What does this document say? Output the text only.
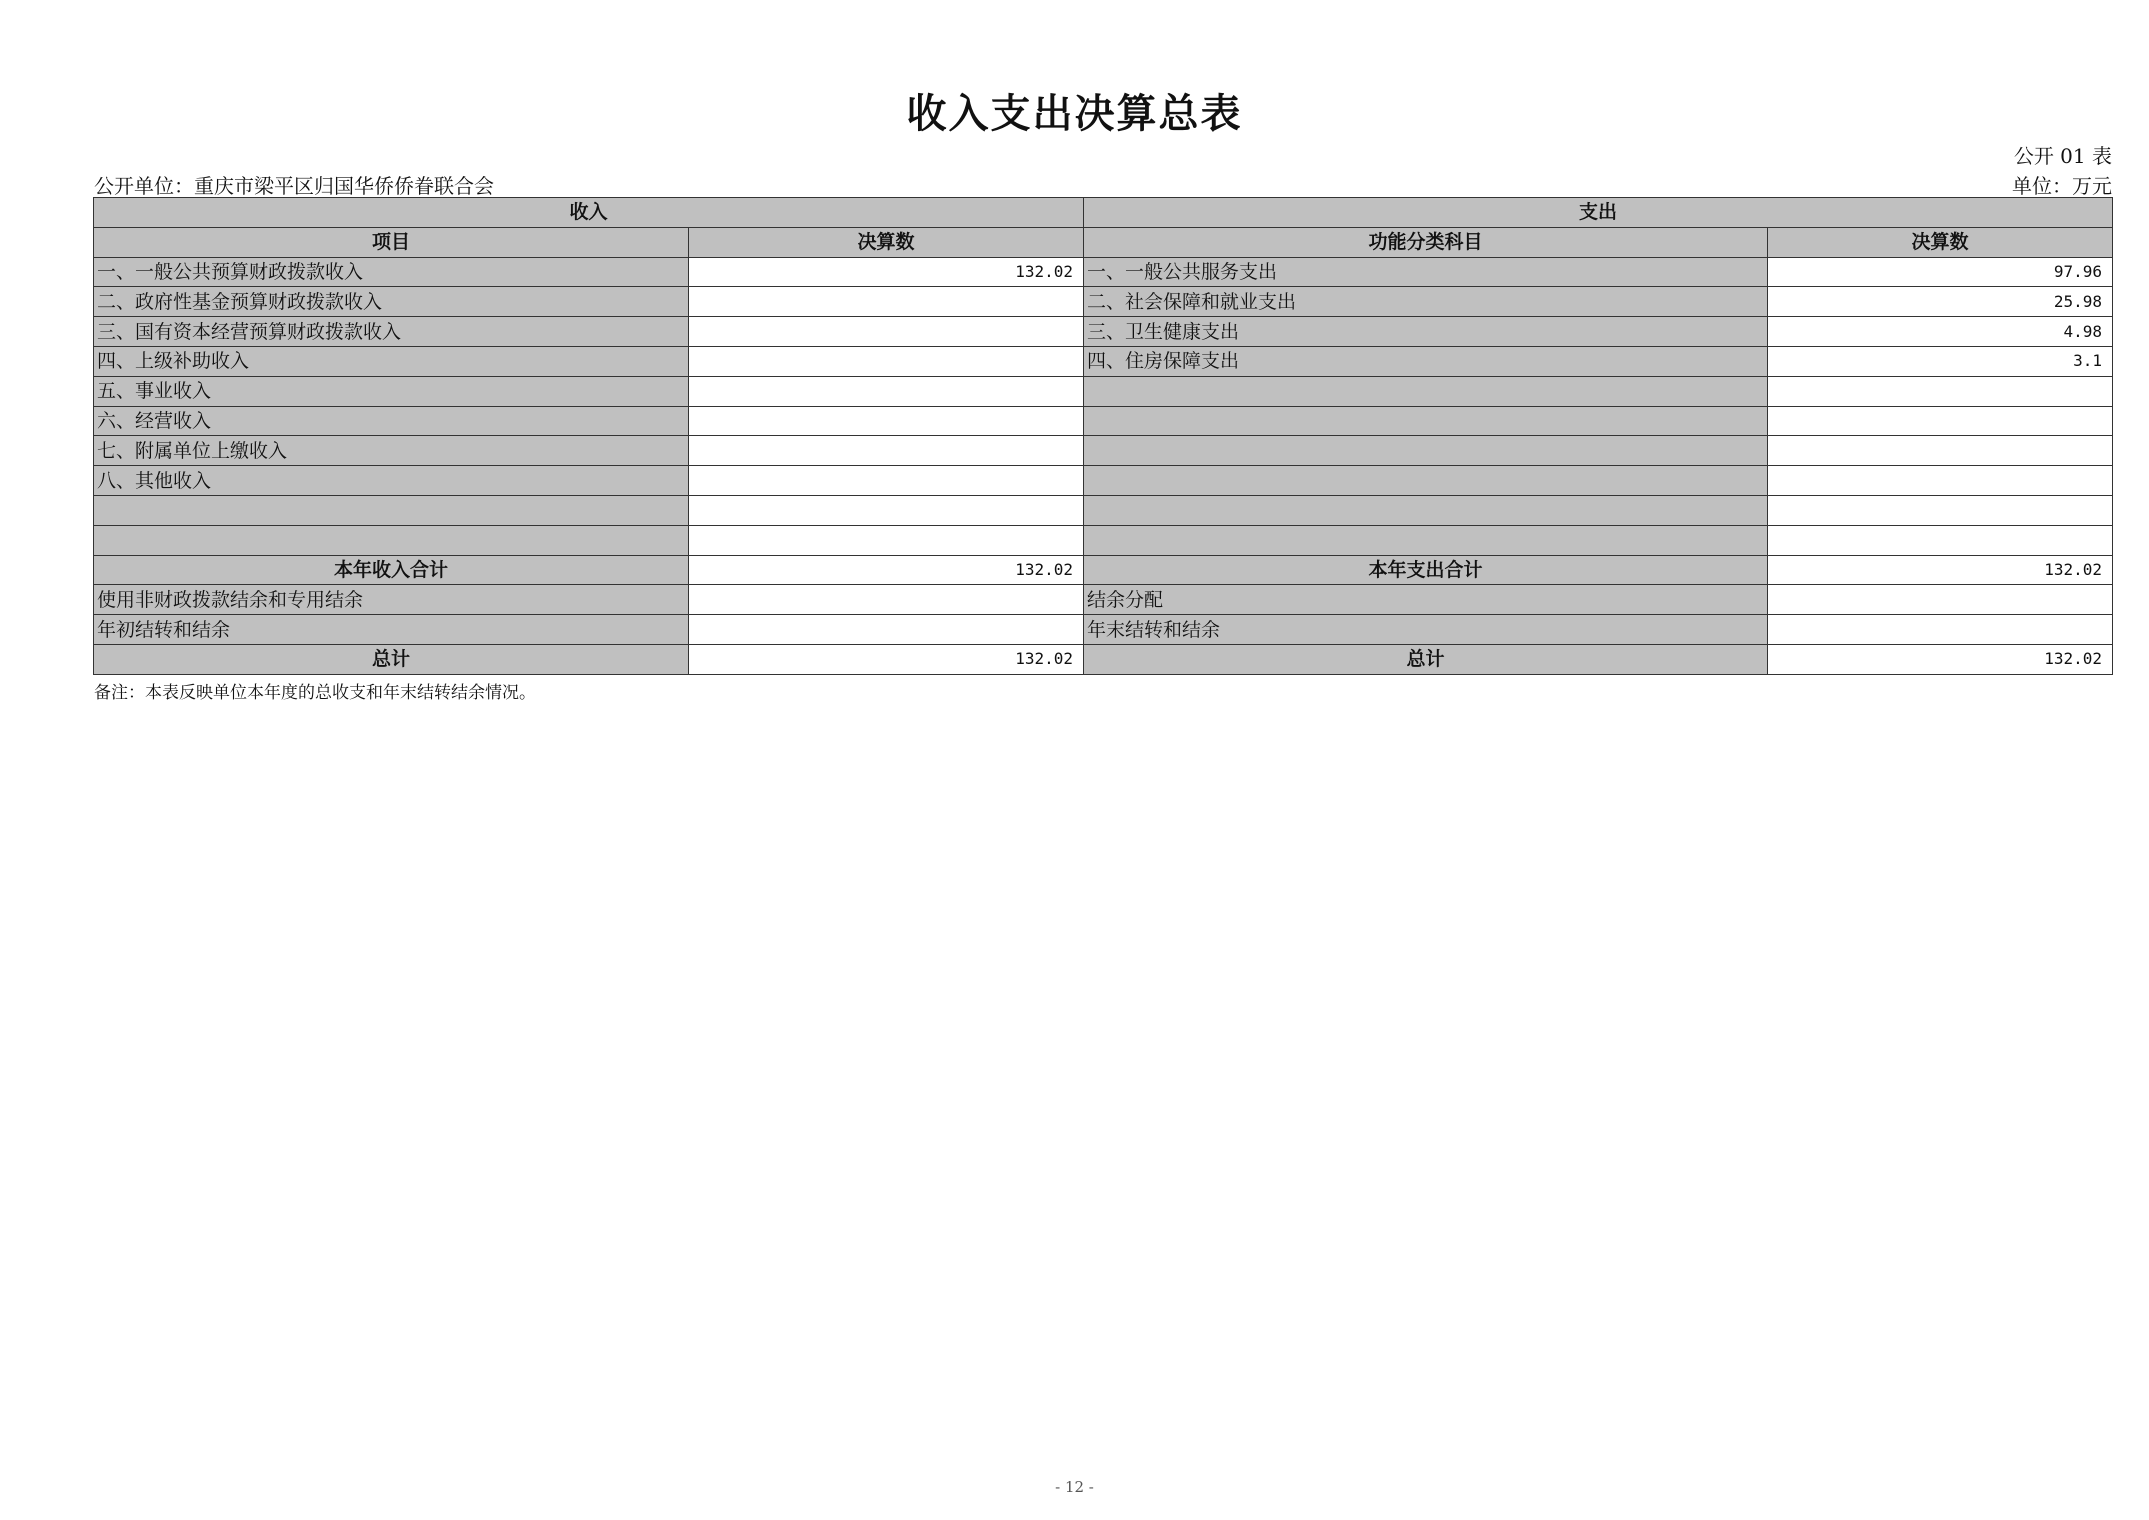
收入支出决算总表
公开 01 表
公开单位：重庆市梁平区归国华侨侨眷联合会	单位：万元
收入		支出	
项目	决算数	功能分类科目	决算数
一、一般公共预算财政拨款收入	132.02	一、一般公共服务支出	97.96
二、政府性基金预算财政拨款收入		二、社会保障和就业支出	25.98
三、国有资本经营预算财政拨款收入		三、卫生健康支出	4.98
四、上级补助收入		四、住房保障支出	3.1
五、事业收入			
六、经营收入			
七、附属单位上缴收入			
八、其他收入			

本年收入合计	132.02	本年支出合计	132.02
使用非财政拨款结余和专用结余		结余分配	
年初结转和结余		年末结转和结余	
总计	132.02	总计	132.02
备注：本表反映单位本年度的总收支和年末结转结余情况。
- 12 -
